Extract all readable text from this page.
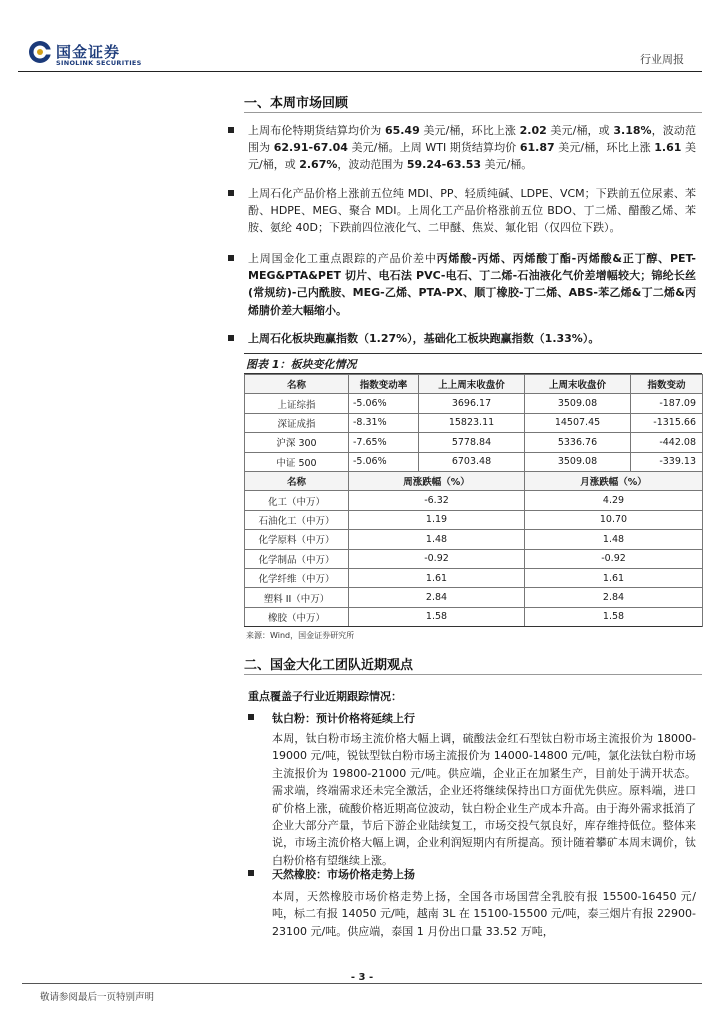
国金证券
SINOLINK SECURITIES	行业周报
一、本周市场回顾
上周布伦特期货结算均价为 65.49 美元/桶，环比上涨 2.02 美元/桶，或 3.18%，波动范围为 62.91-67.04 美元/桶。上周 WTI 期货结算均价 61.87 美元/桶，环比上涨 1.61 美元/桶，或 2.67%，波动范围为 59.24-63.53 美元/桶。
上周石化产品价格上涨前五位纯 MDI、PP、轻质纯碱、LDPE、VCM；下跌前五位尿素、苯酚、HDPE、MEG、聚合 MDI。上周化工产品价格涨前五位 BDO、丁二烯、醋酸乙烯、苯胺、氨纶 40D；下跌前四位液化气、二甲醚、焦炭、氟化铝（仅四位下跌）。
上周国金化工重点跟踪的产品价差中丙烯酸-丙烯、丙烯酸丁酯-丙烯酸&正丁醇、PET-MEG&PTA&PET 切片、电石法 PVC-电石、丁二烯-石油液化气价差增幅较大；锦纶长丝(常规纺)-己内酰胺、MEG-乙烯、PTA-PX、顺丁橡胶-丁二烯、ABS-苯乙烯&丁二烯&丙烯腈价差大幅缩小。
上周石化板块跑赢指数（1.27%），基础化工板块跑赢指数（1.33%）。
图表 1：板块变化情况
名称	指数变动率	上上周末收盘价	上周末收盘价	指数变动
上证综指	-5.06%	3696.17	3509.08	-187.09
深证成指	-8.31%	15823.11	14507.45	-1315.66
沪深 300	-7.65%	5778.84	5336.76	-442.08
中证 500	-5.06%	6703.48	3509.08	-339.13
名称	周涨跌幅（%）	月涨跌幅（%）
化工（中万）	-6.32	4.29
石油化工（中万）	1.19	10.70
化学原料（中万）	1.48	1.48
化学制品（中万）	-0.92	-0.92
化学纤维（中万）	1.61	1.61
塑料 II（中万）	2.84	2.84
橡胶（中万）	1.58	1.58
来源：Wind，国金证券研究所
二、国金大化工团队近期观点
重点覆盖子行业近期跟踪情况：
钛白粉：预计价格将延续上行
本周，钛白粉市场主流价格大幅上调，硫酸法金红石型钛白粉市场主流报价为 18000-19000 元/吨，锐钛型钛白粉市场主流报价为 14000-14800 元/吨，氯化法钛白粉市场主流报价为 19800-21000 元/吨。供应端，企业正在加紧生产，目前处于满开状态。需求端，终端需求还未完全激活，企业还将继续保持出口方面优先供应。原料端，进口矿价格上涨，硫酸价格近期高位波动，钛白粉企业生产成本升高。由于海外需求抵消了企业大部分产量，节后下游企业陆续复工，市场交投气氛良好，库存维持低位。整体来说，市场主流价格大幅上调，企业利润短期内有所提高。预计随着攀矿本周末调价，钛白粉价格有望继续上涨。
天然橡胶：市场价格走势上扬
本周，天然橡胶市场价格走势上扬，全国各市场国营全乳胶有报 15500-16450 元/吨，标二有报 14050 元/吨，越南 3L 在 15100-15500 元/吨，泰三烟片有报 22900-23100 元/吨。供应端，泰国 1 月份出口量 33.52 万吨，
- 3 -
敬请参阅最后一页特别声明
